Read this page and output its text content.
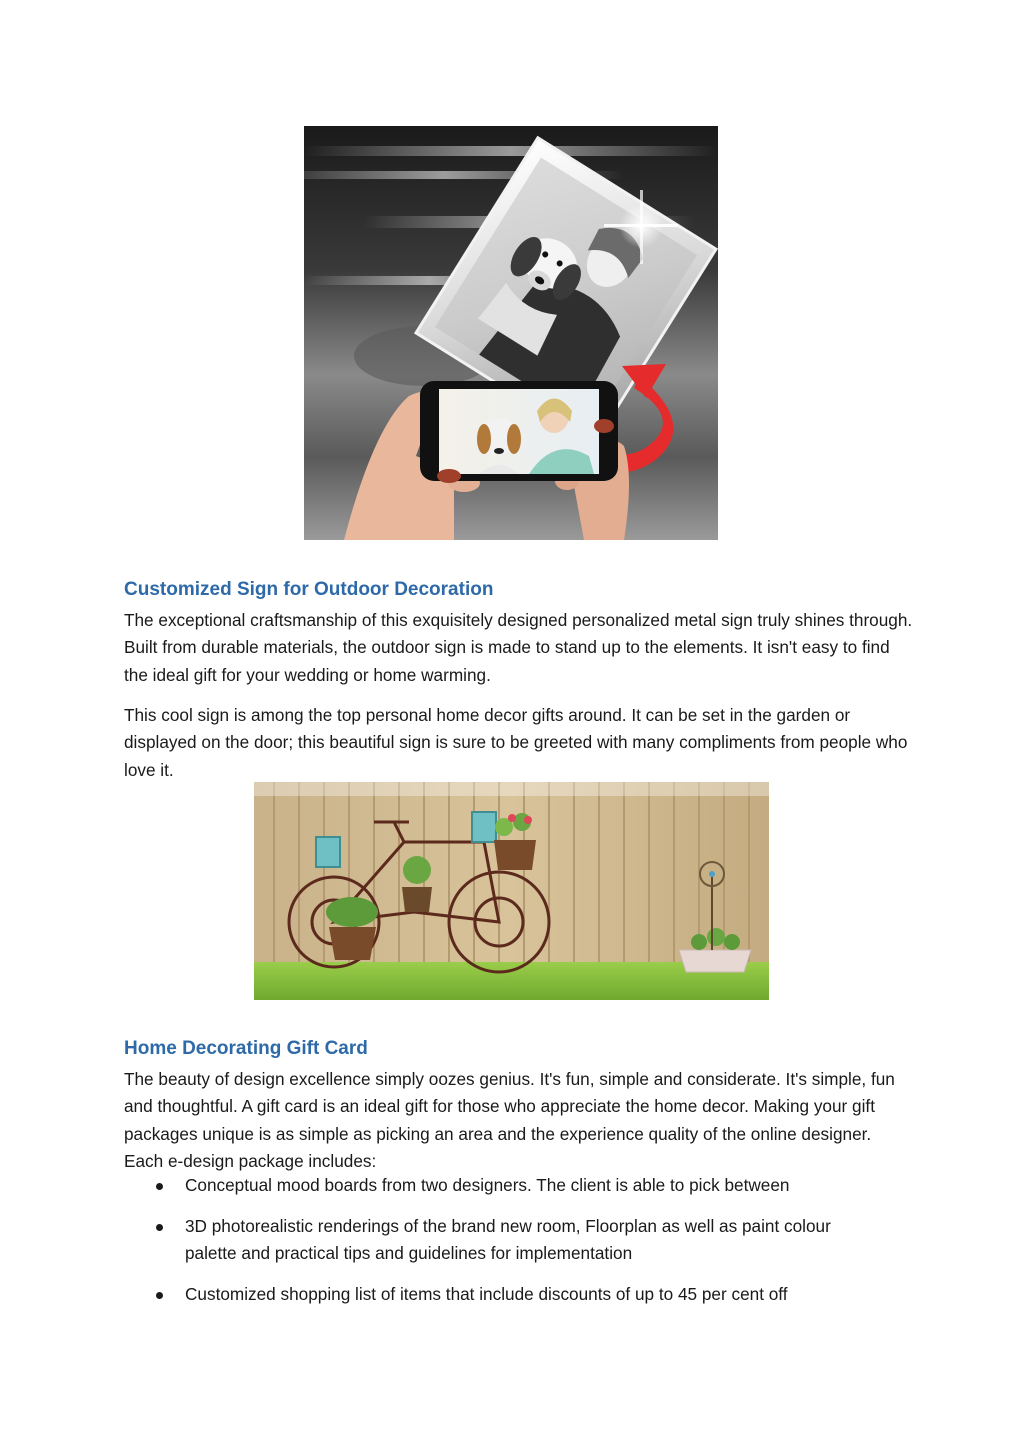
Customized Sign for Outdoor Decoration

The exceptional craftsmanship of this exquisitely designed personalized metal sign truly shines through. Built from durable materials, the outdoor sign is made to stand up to the elements. It isn't easy to find the ideal gift for your wedding or home warming.

This cool sign is among the top personal home decor gifts around. It can be set in the garden or displayed on the door; this beautiful sign is sure to be greeted with many compliments from people who love it.

Home Decorating Gift Card

The beauty of design excellence simply oozes genius. It's fun, simple and considerate. It's simple, fun and thoughtful. A gift card is an ideal gift for those who appreciate the home decor. Making your gift packages unique is as simple as picking an area and the experience quality of the online designer. Each e-design package includes:

Conceptual mood boards from two designers. The client is able to pick between
3D photorealistic renderings of the brand new room, Floorplan as well as paint colour palette and practical tips and guidelines for implementation
Customized shopping list of items that include discounts of up to 45 per cent off
